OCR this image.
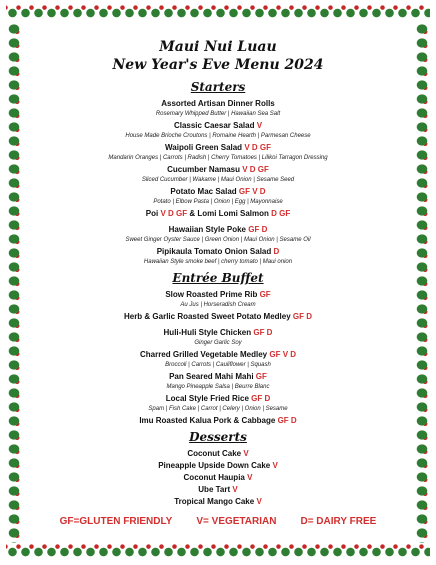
Maui Nui Luau
New Year's Eve Menu 2024
Starters
Assorted Artisan Dinner Rolls
Rosemary Whipped Butter | Hawaiian Sea Salt
Classic Caesar Salad V
House Made Brioche Croutons | Romaine Hearth | Parmesan Cheese
Waipoli Green Salad V D GF
Mandarin Oranges | Carrots | Radish | Cherry Tomatoes | Lilikoi Tarragon Dressing
Cucumber Namasu V D GF
Sliced Cucumber | Wakame | Maui Onion | Sesame Seed
Potato Mac Salad GF V D
Potato | Elbow Pasta | Onion | Egg | Mayonnaise
Poi V D GF & Lomi Lomi Salmon D GF
Hawaiian Style Poke GF D
Sweet Ginger Oyster Sauce | Green Onion | Maui Onion | Sesame Oil
Pipikaula Tomato Onion Salad D
Hawaiian Style smoke beef | cherry tomato | Maui onion
Entrée Buffet
Slow Roasted Prime Rib GF
Au Jus | Horseradish Cream
Herb & Garlic Roasted Sweet Potato Medley GF D
Huli-Huli Style Chicken GF D
Ginger Garlic Soy
Charred Grilled Vegetable Medley GF V D
Broccoli | Carrots | Cauliflower | Squash
Pan Seared Mahi Mahi GF
Mango Pineapple Salsa | Beurre Blanc
Local Style Fried Rice GF D
Spam | Fish Cake | Carrot | Celery | Onion | Sesame
Imu Roasted Kalua Pork & Cabbage GF D
Desserts
Coconut Cake V
Pineapple Upside Down Cake V
Coconut Haupia V
Ube Tart V
Tropical Mango Cake V
GF=GLUTEN FRIENDLY V= VEGETARIAN D= DAIRY FREE
